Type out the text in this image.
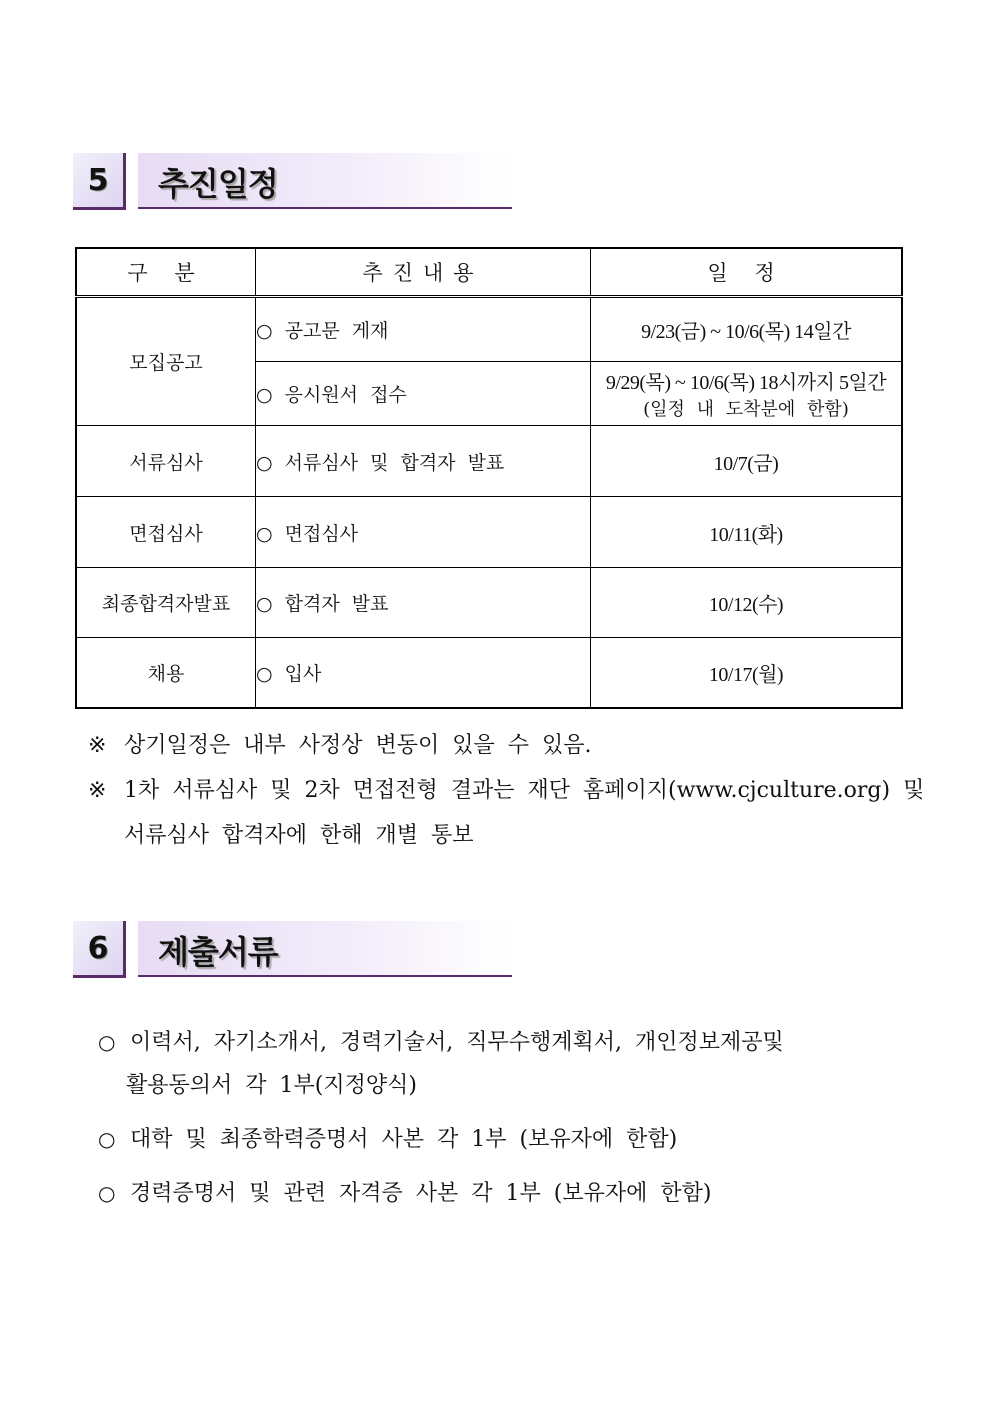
5	추진일정
구 분	추진내용	일 정
모집공고	○ 공고문 게재	9/23(금) ~ 10/6(목) 14일간
	○ 응시원서 접수	9/29(목) ~ 10/6(목) 18시까지 5일간
(일정 내 도착분에 한함)

서류심사	○ 서류심사 및 합격자 발표	10/7(금)
면접심사	○ 면접심사	10/11(화)
최종합격자발표	○ 합격자 발표	10/12(수)
채용	○ 입사	10/17(월)
※ 상기일정은 내부 사정상 변동이 있을 수 있음.
※ 1차 서류심사 및 2차 면접전형 결과는 재단 홈페이지(www.cjculture.org) 및
서류심사 합격자에 한해 개별 통보
6	제출서류
○ 이력서, 자기소개서, 경력기술서, 직무수행계획서, 개인정보제공및
활용동의서 각 1부(지정양식)
○ 대학 및 최종학력증명서 사본 각 1부 (보유자에 한함)
○ 경력증명서 및 관련 자격증 사본 각 1부 (보유자에 한함)
